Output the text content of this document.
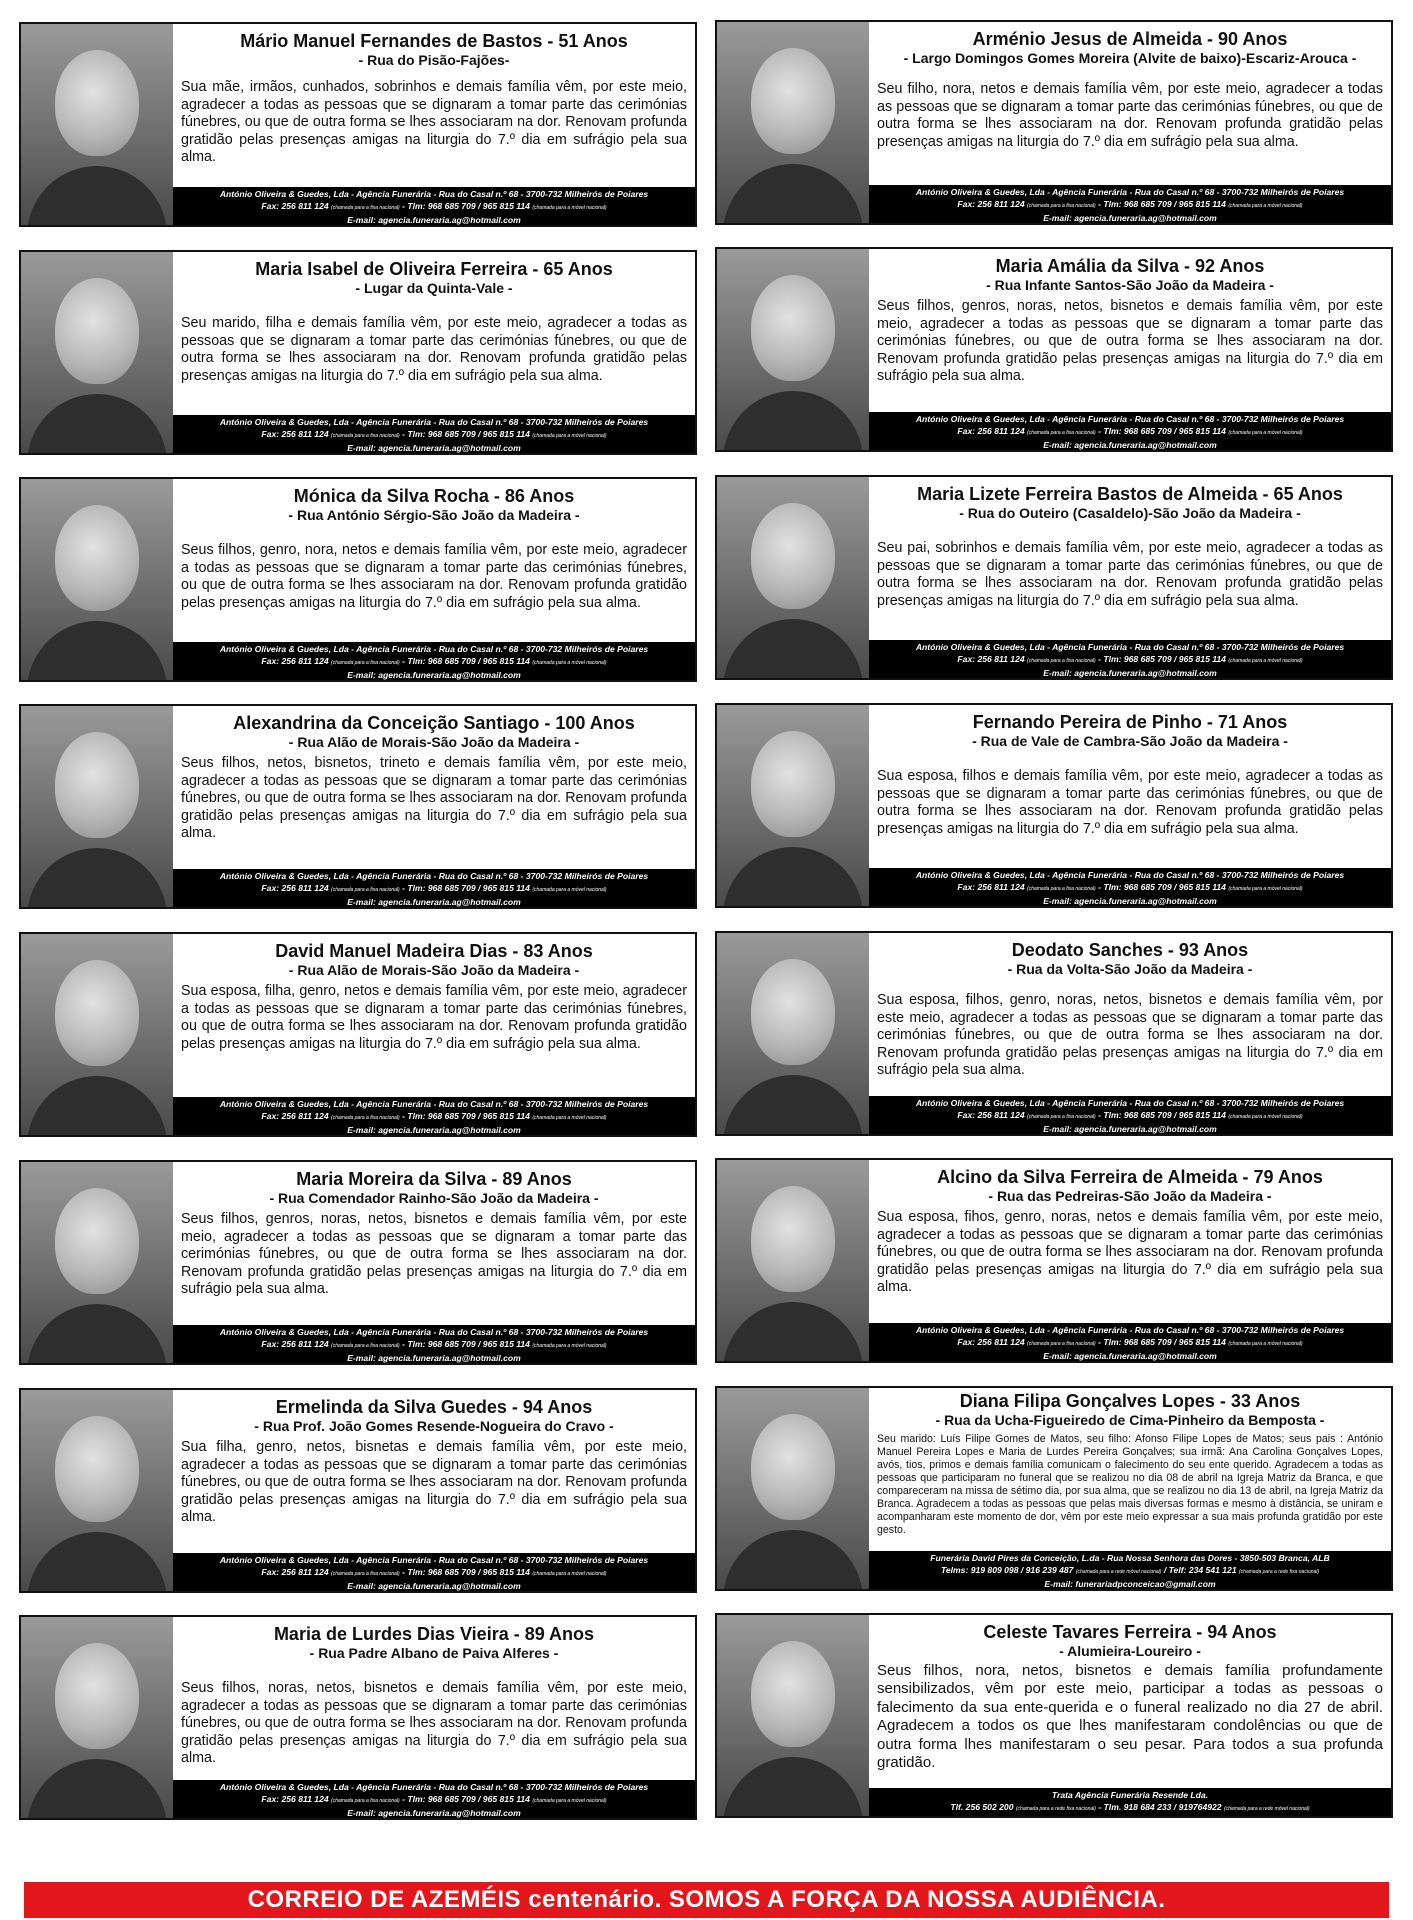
Mário Manuel Fernandes de Bastos - 51 Anos
- Rua do Pisão-Fajões-
Sua mãe, irmãos, cunhados, sobrinhos e demais família vêm, por este meio, agradecer a todas as pessoas que se dignaram a tomar parte das cerimónias fúnebres, ou que de outra forma se lhes associaram na dor. Renovam profunda gratidão pelas presenças amigas na liturgia do 7.º dia em sufrágio pela sua alma.
António Oliveira & Guedes, Lda - Agência Funerária - Rua do Casal n.º 68 - 3700-732 Milheirós de Poiares
Fax: 256 811 124 (chamada para a fixa nacional) - Tlm: 968 685 709 / 965 815 114 (chamada para a móvel nacional)
E-mail: agencia.funeraria.ag@hotmail.com
Maria Isabel de Oliveira Ferreira - 65 Anos
- Lugar da Quinta-Vale -
Seu marido, filha e demais família vêm, por este meio, agradecer a todas as pessoas que se dignaram a tomar parte das cerimónias fúnebres, ou que de outra forma se lhes associaram na dor. Renovam profunda gratidão pelas presenças amigas na liturgia do 7.º dia em sufrágio pela sua alma.
António Oliveira & Guedes, Lda - Agência Funerária - Rua do Casal n.º 68 - 3700-732 Milheirós de Poiares
Fax: 256 811 124 (chamada para a fixa nacional) - Tlm: 968 685 709 / 965 815 114 (chamada para a móvel nacional)
E-mail: agencia.funeraria.ag@hotmail.com
Mónica da Silva Rocha - 86 Anos
- Rua António Sérgio-São João da Madeira -
Seus filhos, genro, nora, netos e demais família vêm, por este meio, agradecer a todas as pessoas que se dignaram a tomar parte das cerimónias fúnebres, ou que de outra forma se lhes associaram na dor. Renovam profunda gratidão pelas presenças amigas na liturgia do 7.º dia em sufrágio pela sua alma.
António Oliveira & Guedes, Lda - Agência Funerária - Rua do Casal n.º 68 - 3700-732 Milheirós de Poiares
Fax: 256 811 124 (chamada para a fixa nacional) - Tlm: 968 685 709 / 965 815 114 (chamada para a móvel nacional)
E-mail: agencia.funeraria.ag@hotmail.com
Alexandrina da Conceição Santiago - 100 Anos
- Rua Alão de Morais-São João da Madeira -
Seus filhos, netos, bisnetos, trineto e demais família vêm, por este meio, agradecer a todas as pessoas que se dignaram a tomar parte das cerimónias fúnebres, ou que de outra forma se lhes associaram na dor. Renovam profunda gratidão pelas presenças amigas na liturgia do 7.º dia em sufrágio pela sua alma.
António Oliveira & Guedes, Lda - Agência Funerária - Rua do Casal n.º 68 - 3700-732 Milheirós de Poiares
Fax: 256 811 124 (chamada para a fixa nacional) - Tlm: 968 685 709 / 965 815 114 (chamada para a móvel nacional)
E-mail: agencia.funeraria.ag@hotmail.com
David Manuel Madeira Dias - 83 Anos
- Rua Alão de Morais-São João da Madeira -
Sua esposa, filha, genro, netos e demais família vêm, por este meio, agradecer a todas as pessoas que se dignaram a tomar parte das cerimónias fúnebres, ou que de outra forma se lhes associaram na dor. Renovam profunda gratidão pelas presenças amigas na liturgia do 7.º dia em sufrágio pela sua alma.
António Oliveira & Guedes, Lda - Agência Funerária - Rua do Casal n.º 68 - 3700-732 Milheirós de Poiares
Fax: 256 811 124 (chamada para a fixa nacional) - Tlm: 968 685 709 / 965 815 114 (chamada para a móvel nacional)
E-mail: agencia.funeraria.ag@hotmail.com
Maria Moreira da Silva - 89 Anos
- Rua Comendador Rainho-São João da Madeira -
Seus filhos, genros, noras, netos, bisnetos e demais família vêm, por este meio, agradecer a todas as pessoas que se dignaram a tomar parte das cerimónias fúnebres, ou que de outra forma se lhes associaram na dor. Renovam profunda gratidão pelas presenças amigas na liturgia do 7.º dia em sufrágio pela sua alma.
António Oliveira & Guedes, Lda - Agência Funerária - Rua do Casal n.º 68 - 3700-732 Milheirós de Poiares
Fax: 256 811 124 (chamada para a fixa nacional) - Tlm: 968 685 709 / 965 815 114 (chamada para a móvel nacional)
E-mail: agencia.funeraria.ag@hotmail.com
Ermelinda da Silva Guedes - 94 Anos
- Rua Prof. João Gomes Resende-Nogueira do Cravo -
Sua filha, genro, netos, bisnetas e demais família vêm, por este meio, agradecer a todas as pessoas que se dignaram a tomar parte das cerimónias fúnebres, ou que de outra forma se lhes associaram na dor. Renovam profunda gratidão pelas presenças amigas na liturgia do 7.º dia em sufrágio pela sua alma.
António Oliveira & Guedes, Lda - Agência Funerária - Rua do Casal n.º 68 - 3700-732 Milheirós de Poiares
Fax: 256 811 124 (chamada para a fixa nacional) - Tlm: 968 685 709 / 965 815 114 (chamada para a móvel nacional)
E-mail: agencia.funeraria.ag@hotmail.com
Maria de Lurdes Dias Vieira - 89 Anos
- Rua Padre Albano de Paiva Alferes -
Seus filhos, noras, netos, bisnetos e demais família vêm, por este meio, agradecer a todas as pessoas que se dignaram a tomar parte das cerimónias fúnebres, ou que de outra forma se lhes associaram na dor. Renovam profunda gratidão pelas presenças amigas na liturgia do 7.º dia em sufrágio pela sua alma.
António Oliveira & Guedes, Lda - Agência Funerária - Rua do Casal n.º 68 - 3700-732 Milheirós de Poiares
Fax: 256 811 124 (chamada para a fixa nacional) - Tlm: 968 685 709 / 965 815 114 (chamada para a móvel nacional)
E-mail: agencia.funeraria.ag@hotmail.com
Arménio Jesus de Almeida - 90 Anos
- Largo Domingos Gomes Moreira (Alvite de baixo)-Escariz-Arouca -
Seu filho, nora, netos e demais família vêm, por este meio, agradecer a todas as pessoas que se dignaram a tomar parte das cerimónias fúnebres, ou que de outra forma se lhes associaram na dor. Renovam profunda gratidão pelas presenças amigas na liturgia do 7.º dia em sufrágio pela sua alma.
António Oliveira & Guedes, Lda - Agência Funerária - Rua do Casal n.º 68 - 3700-732 Milheirós de Poiares
Fax: 256 811 124 (chamada para a fixa nacional) - Tlm: 968 685 709 / 965 815 114 (chamada para a móvel nacional)
E-mail: agencia.funeraria.ag@hotmail.com
Maria Amália da Silva - 92 Anos
- Rua Infante Santos-São João da Madeira -
Seus filhos, genros, noras, netos, bisnetos e demais família vêm, por este meio, agradecer a todas as pessoas que se dignaram a tomar parte das cerimónias fúnebres, ou que de outra forma se lhes associaram na dor. Renovam profunda gratidão pelas presenças amigas na liturgia do 7.º dia em sufrágio pela sua alma.
António Oliveira & Guedes, Lda - Agência Funerária - Rua do Casal n.º 68 - 3700-732 Milheirós de Poiares
Fax: 256 811 124 (chamada para a fixa nacional) - Tlm: 968 685 709 / 965 815 114 (chamada para a móvel nacional)
E-mail: agencia.funeraria.ag@hotmail.com
Maria Lizete Ferreira Bastos de Almeida - 65 Anos
- Rua do Outeiro (Casaldelo)-São João da Madeira -
Seu pai, sobrinhos e demais família vêm, por este meio, agradecer a todas as pessoas que se dignaram a tomar parte das cerimónias fúnebres, ou que de outra forma se lhes associaram na dor. Renovam profunda gratidão pelas presenças amigas na liturgia do 7.º dia em sufrágio pela sua alma.
António Oliveira & Guedes, Lda - Agência Funerária - Rua do Casal n.º 68 - 3700-732 Milheirós de Poiares
Fax: 256 811 124 (chamada para a fixa nacional) - Tlm: 968 685 709 / 965 815 114 (chamada para a móvel nacional)
E-mail: agencia.funeraria.ag@hotmail.com
Fernando Pereira de Pinho - 71 Anos
- Rua de Vale de Cambra-São João da Madeira -
Sua esposa, filhos e demais família vêm, por este meio, agradecer a todas as pessoas que se dignaram a tomar parte das cerimónias fúnebres, ou que de outra forma se lhes associaram na dor. Renovam profunda gratidão pelas presenças amigas na liturgia do 7.º dia em sufrágio pela sua alma.
António Oliveira & Guedes, Lda - Agência Funerária - Rua do Casal n.º 68 - 3700-732 Milheirós de Poiares
Fax: 256 811 124 (chamada para a fixa nacional) - Tlm: 968 685 709 / 965 815 114 (chamada para a móvel nacional)
E-mail: agencia.funeraria.ag@hotmail.com
Deodato Sanches - 93 Anos
- Rua da Volta-São João da Madeira -
Sua esposa, filhos, genro, noras, netos, bisnetos e demais família vêm, por este meio, agradecer a todas as pessoas que se dignaram a tomar parte das cerimónias fúnebres, ou que de outra forma se lhes associaram na dor. Renovam profunda gratidão pelas presenças amigas na liturgia do 7.º dia em sufrágio pela sua alma.
António Oliveira & Guedes, Lda - Agência Funerária - Rua do Casal n.º 68 - 3700-732 Milheirós de Poiares
Fax: 256 811 124 (chamada para a fixa nacional) - Tlm: 968 685 709 / 965 815 114 (chamada para a móvel nacional)
E-mail: agencia.funeraria.ag@hotmail.com
Alcino da Silva Ferreira de Almeida - 79 Anos
- Rua das Pedreiras-São João da Madeira -
Sua esposa, fihos, genro, noras, netos e demais família vêm, por este meio, agradecer a todas as pessoas que se dignaram a tomar parte das cerimónias fúnebres, ou que de outra forma se lhes associaram na dor. Renovam profunda gratidão pelas presenças amigas na liturgia do 7.º dia em sufrágio pela sua alma.
António Oliveira & Guedes, Lda - Agência Funerária - Rua do Casal n.º 68 - 3700-732 Milheirós de Poiares
Fax: 256 811 124 (chamada para a fixa nacional) - Tlm: 968 685 709 / 965 815 114 (chamada para a móvel nacional)
E-mail: agencia.funeraria.ag@hotmail.com
Diana Filipa Gonçalves Lopes - 33 Anos
- Rua da Ucha-Figueiredo de Cima-Pinheiro da Bemposta -
Seu marido: Luís Filipe Gomes de Matos, seu filho: Afonso Filipe Lopes de Matos; seus pais : António Manuel Pereira Lopes e Maria de Lurdes Pereira Gonçalves; sua irmã: Ana Carolina Gonçalves Lopes, avós, tios, primos e demais família comunicam o falecimento do seu ente querido. Agradecem a todas as pessoas que participaram no funeral que se realizou no dia 08 de abril na Igreja Matriz da Branca, e que compareceram na missa de sétimo dia, por sua alma, que se realizou no dia 13 de abril, na Igreja Matriz da Branca. Agradecem a todas as pessoas que pelas mais diversas formas e mesmo à distância, se uniram e acompanharam este momento de dor, vêm por este meio expressar a sua mais profunda gratidão por este gesto.
Funerária David Pires da Conceição, L.da - Rua Nossa Senhora das Dores - 3850-503 Branca, ALB
Telms: 919 809 098 / 916 239 487 (chamada para a rede móvel nacional) / Telf: 234 541 121 (chamada para a rede fixa nacional)
E-mail: funerariadpconceicao@gmail.com
Celeste Tavares Ferreira - 94 Anos
- Alumieira-Loureiro -
Seus filhos, nora, netos, bisnetos e demais família profundamente sensibilizados, vêm por este meio, participar a todas as pessoas o falecimento da sua ente-querida e o funeral realizado no dia 27 de abril. Agradecem a todos os que lhes manifestaram condolências ou que de outra forma lhes manifestaram o seu pesar. Para todos a sua profunda gratidão.
Trata Agência Funerária Resende Lda.
Tlf. 256 502 200 (chamada para a rede fixa nacional) - Tlm. 918 684 233 / 919764922 (chamada para a rede móvel nacional)
CORREIO DE AZEMÉIS centenário. SOMOS A FORÇA DA NOSSA AUDIÊNCIA.
